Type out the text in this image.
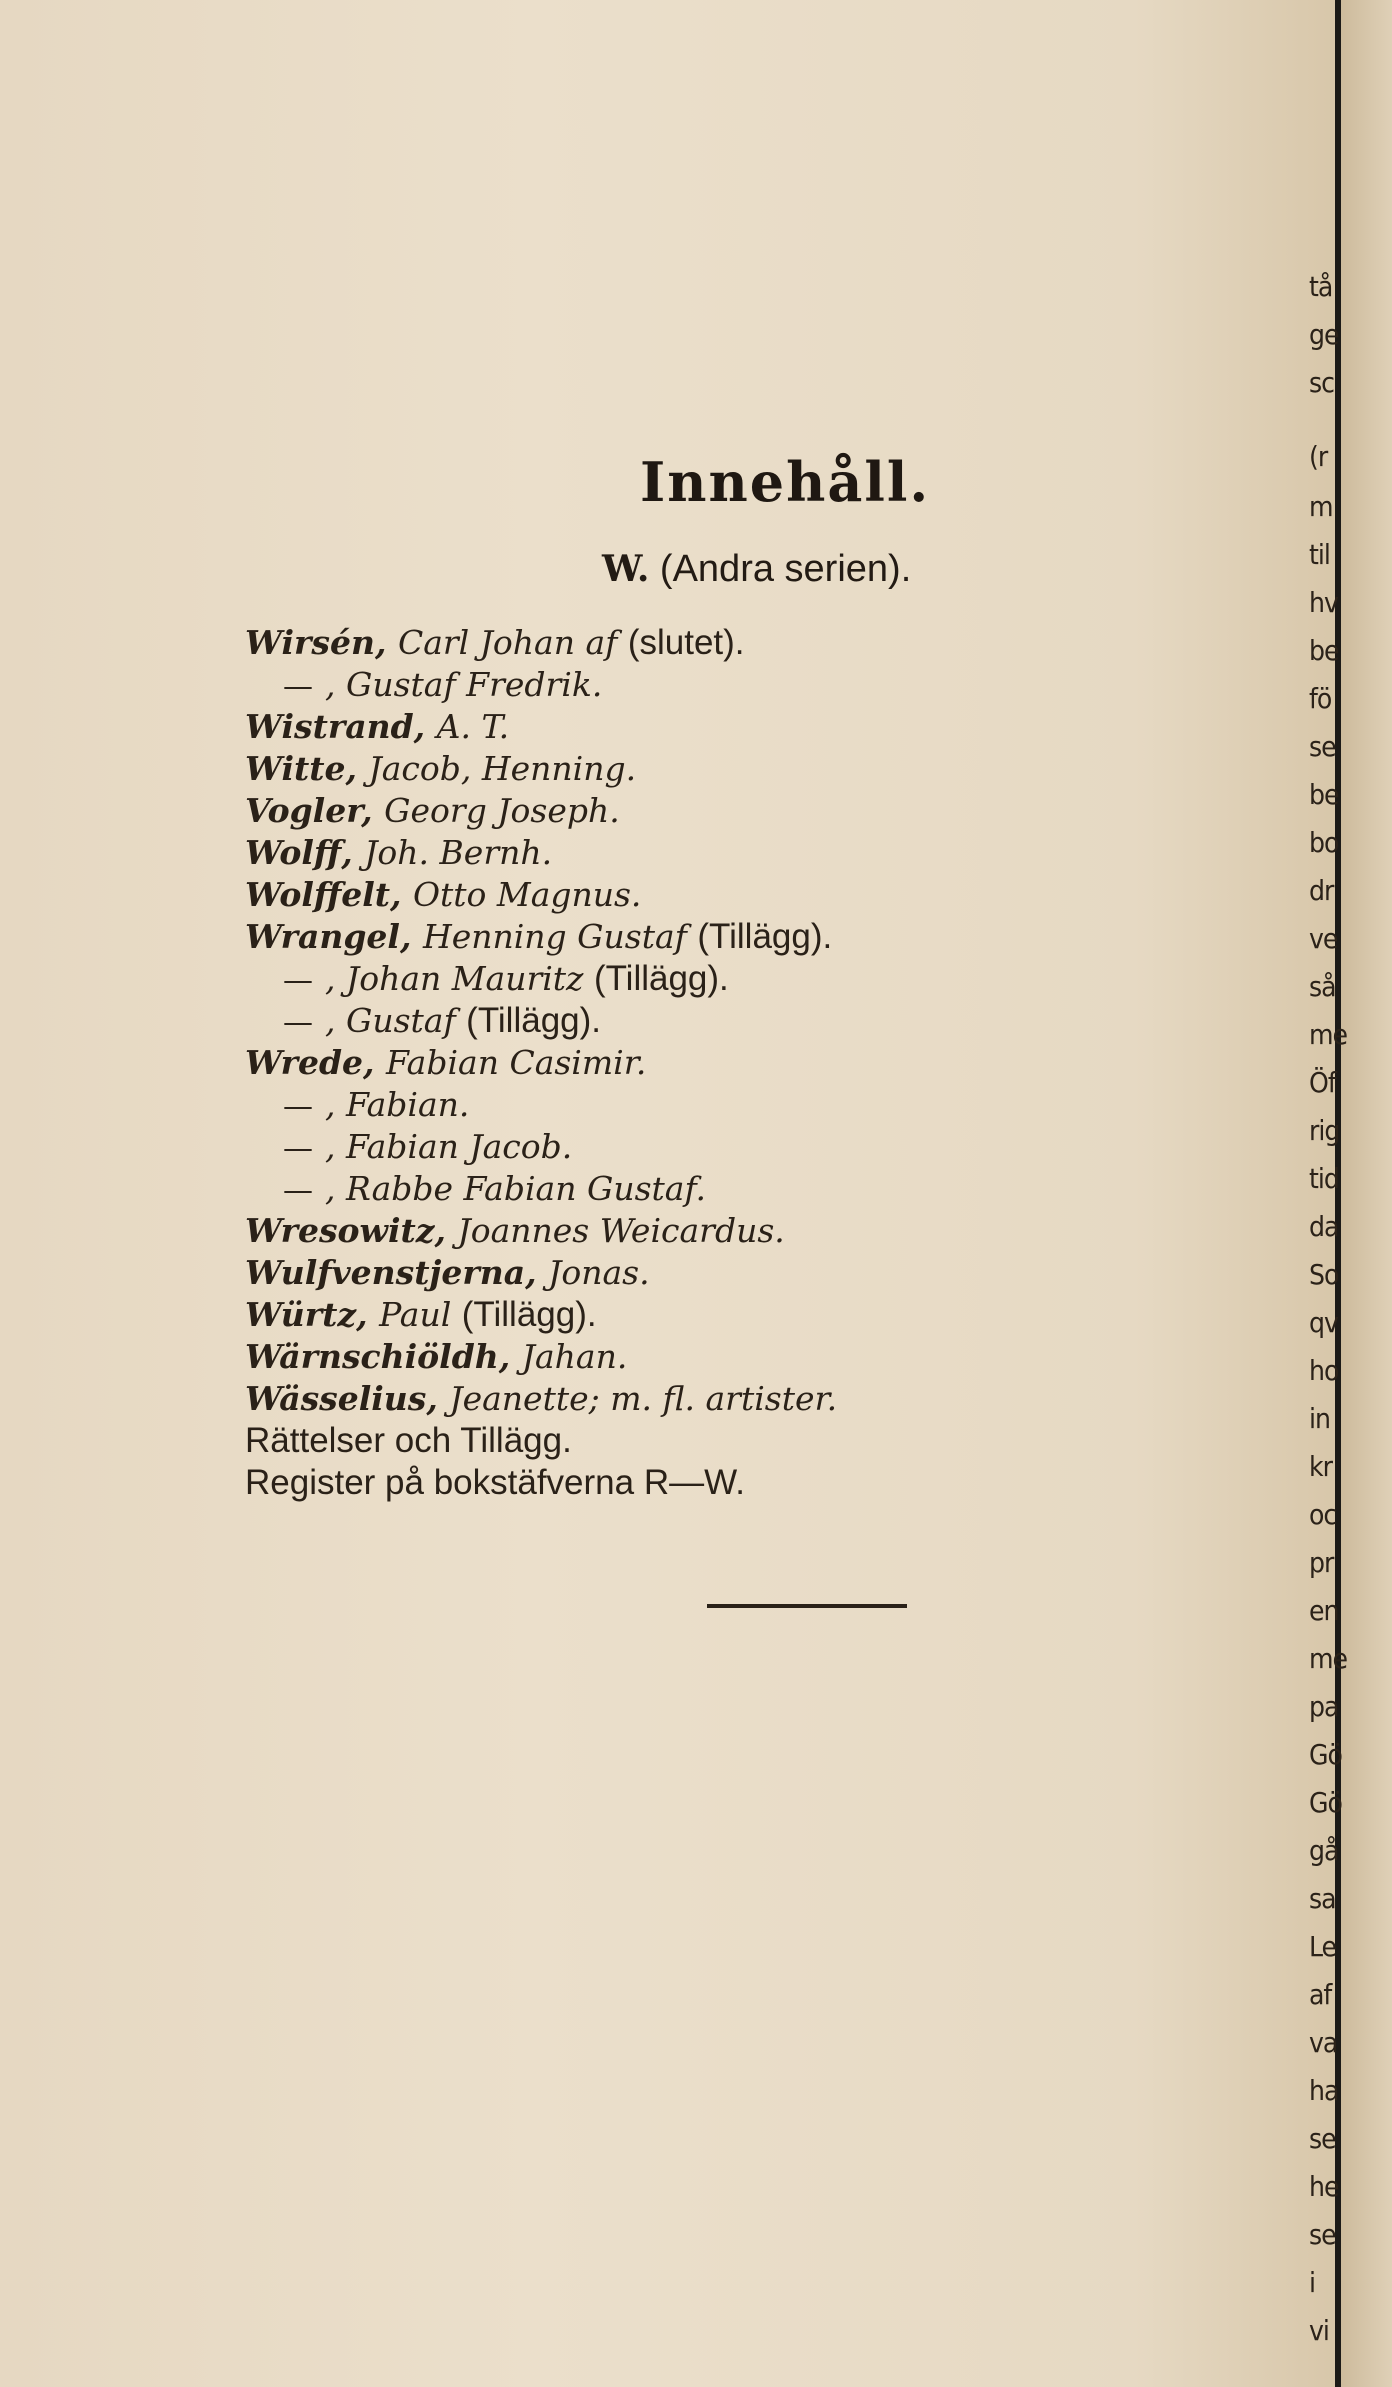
Innehåll.
W. (Andra serien).
Wirsén, Carl Johan af (slutet).
— , Gustaf Fredrik.
Wistrand, A. T.
Witte, Jacob, Henning.
Vogler, Georg Joseph.
Wolff, Joh. Bernh.
Wolffelt, Otto Magnus.
Wrangel, Henning Gustaf (Tillägg).
— , Johan Mauritz (Tillägg).
— , Gustaf (Tillägg).
Wrede, Fabian Casimir.
— , Fabian.
— , Fabian Jacob.
— , Rabbe Fabian Gustaf.
Wresowitz, Joannes Weicardus.
Wulfvenstjerna, Jonas.
Würtz, Paul (Tillägg).
Wärnschiöldh, Jahan.
Wässelius, Jeanette; m. fl. artister.
Rättelser och Tillägg.
Register på bokstäfverna R—W.
tå
ge
sc
(r
m
til
hv
be
fö
se
be
bo
dr
ve
så
me
Öf
rig
tid
da
So
qv
ho
in
kr
oc
pr
en
me
pa
Gö
Gö
gå
sa
Le
af
va
ha
se
he
se
i
vi
